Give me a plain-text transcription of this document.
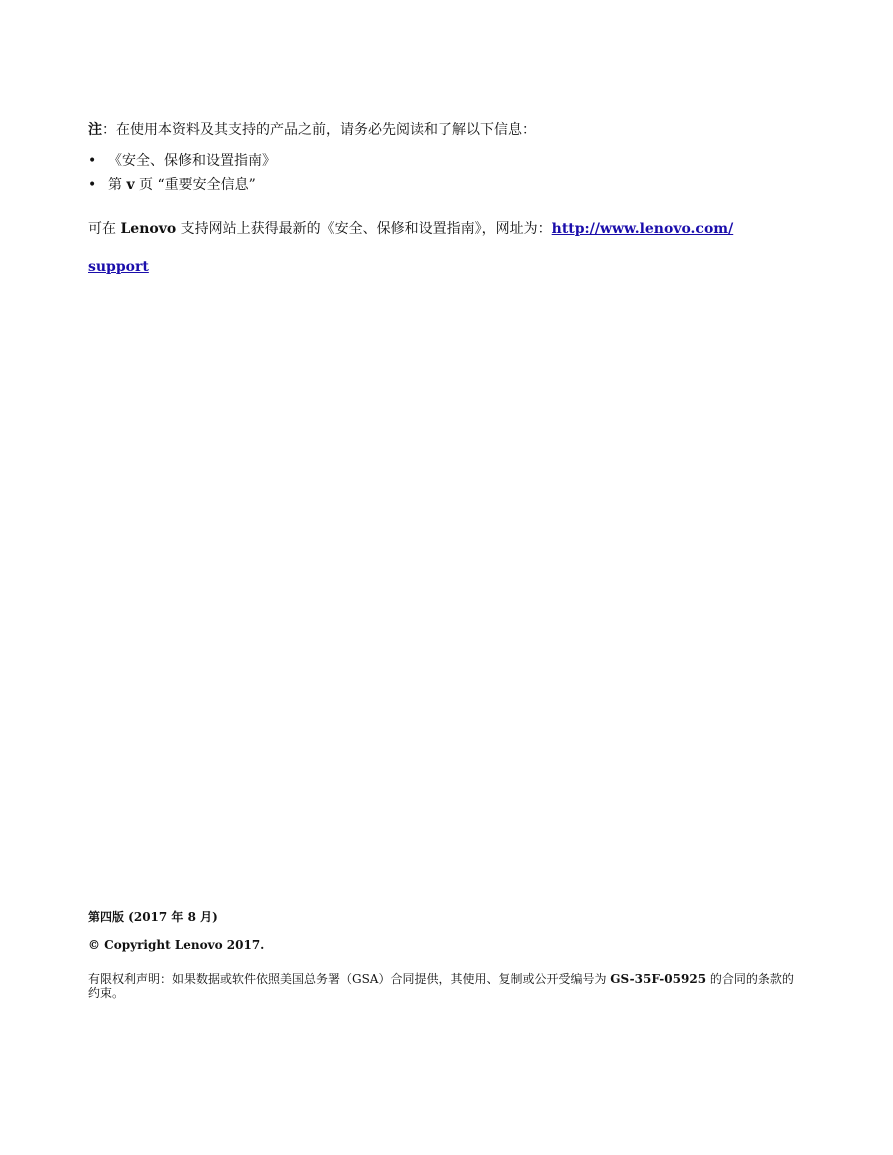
注：在使用本资料及其支持的产品之前，请务必先阅读和了解以下信息：
• 《安全、保修和设置指南》
• 第 v 页 “重要安全信息”
可在 Lenovo 支持网站上获得最新的《安全、保修和设置指南》，网址为：http://www.lenovo.com/
support
第四版 (2017 年 8 月)
© Copyright Lenovo 2017.
有限权利声明：如果数据或软件依照美国总务署（GSA）合同提供，其使用、复制或公开受编号为 GS-35F-05925 的合同的条款的约束。
